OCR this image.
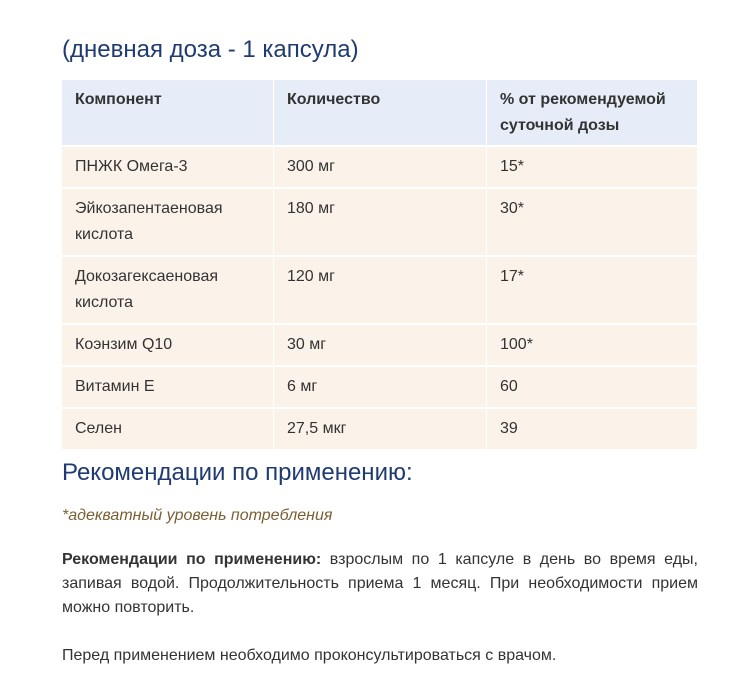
(дневная доза - 1 капсула)
Компонент	Количество	% от рекомендуемой суточной дозы
ПНЖК Омега-3	300 мг	15*
Эйкозапентаеновая кислота	180 мг	30*
Докозагексаеновая кислота	120 мг	17*
Коэнзим Q10	30 мг	100*
Витамин Е	6 мг	60
Селен	27,5 мкг	39
Рекомендации по применению:

*адекватный уровень потребления

Рекомендации по применению: взрослым по 1 капсуле в день во время еды, запивая водой. Продолжительность приема 1 месяц. При необходимости прием можно повторить.

Перед применением необходимо проконсультироваться с врачом.
